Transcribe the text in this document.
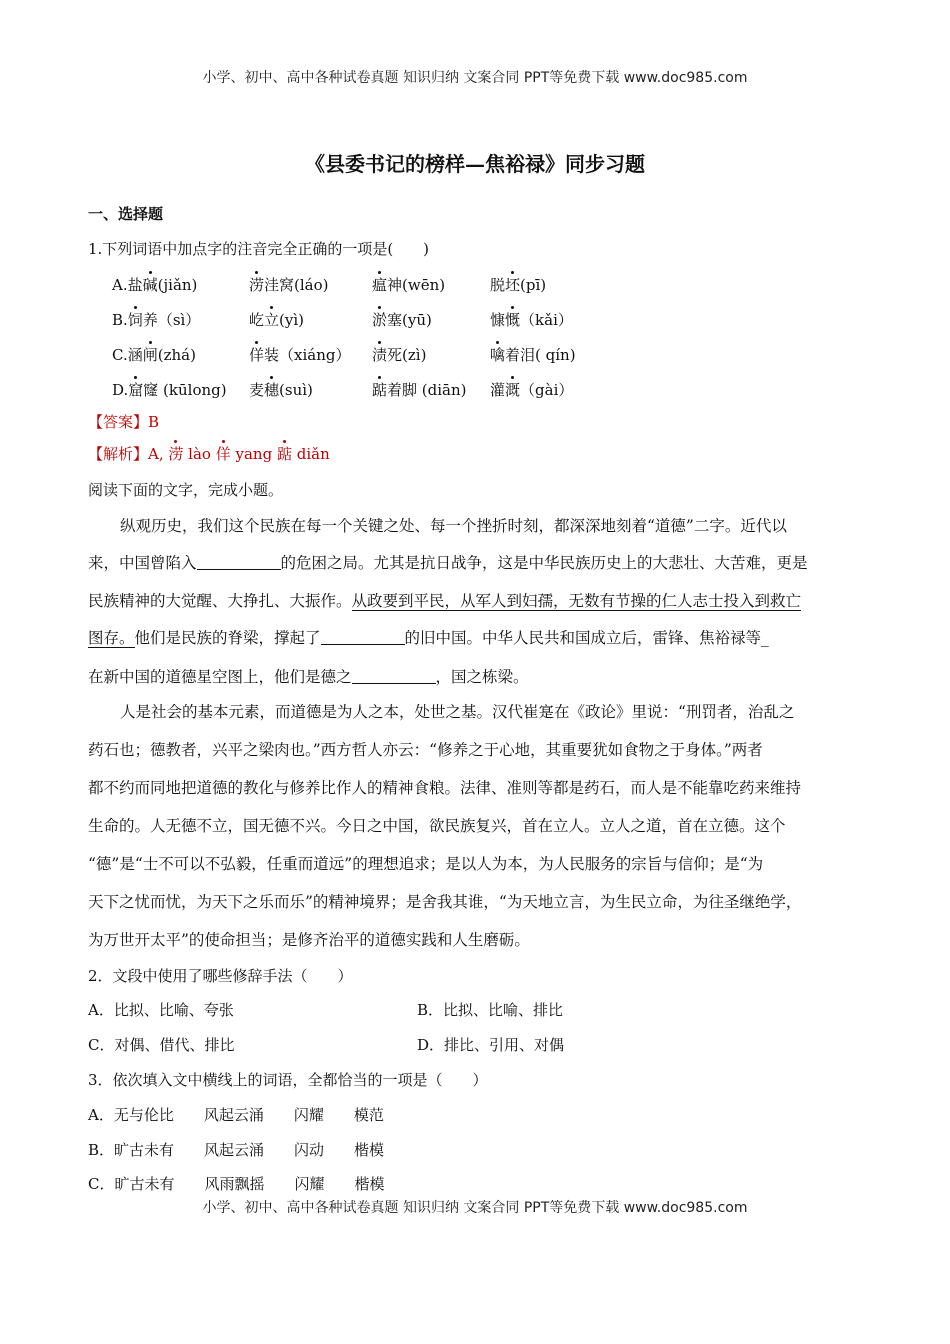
小学、初中、高中各种试卷真题 知识归纳 文案合同 PPT等免费下载 www.doc985.com
《县委书记的榜样—焦裕禄》同步习题
一、选择题
1.下列词语中加点字的注音完全正确的一项是(　　)
A.盐碱(jiǎn)	涝洼窝(láo)	瘟神(wēn)	脱坯(pī)
B.饲养（sì）	屹立(yì)	淤塞(yū)	慷慨（kǎi）
C.涵闸(zhá)	佯装（xiáng） 渍死(zì)	噙着泪( qín)
D.窟窿 (kūlong) 麦穗(suì)	踮着脚 (diān) 灌溉（gài）
【答案】B
【解析】A, 涝 lào 佯 yang 踮 diǎn
阅读下面的文字，完成小题。
纵观历史，我们这个民族在每一个关键之处、每一个挫折时刻，都深深地刻着“道德”二字。近代以
来，中国曾陷入	的危困之局。尤其是抗日战争，这是中华民族历史上的大悲壮、大苦难，更是
民族精神的大觉醒、大挣扎、大振作。从政要到平民，从军人到妇孺，无数有节操的仁人志士投入到救亡
图存。他们是民族的脊梁，撑起了	的旧中国。中华人民共和国成立后，雷锋、焦裕禄等_
在新中国的道德星空图上，他们是德之	，国之栋梁。
人是社会的基本元素，而道德是为人之本，处世之基。汉代崔寔在《政论》里说：“刑罚者，治乱之
药石也；德教者，兴平之梁肉也。”西方哲人亦云：“修养之于心地，其重要犹如食物之于身体。”两者
都不约而同地把道德的教化与修养比作人的精神食粮。法律、准则等都是药石，而人是不能靠吃药来维持
生命的。人无德不立，国无德不兴。今日之中国，欲民族复兴，首在立人。立人之道，首在立德。这个
“德”是“士不可以不弘毅，任重而道远”的理想追求；是以人为本，为人民服务的宗旨与信仰；是“为
天下之忧而忧，为天下之乐而乐”的精神境界；是舍我其谁，“为天地立言，为生民立命，为往圣继绝学，
为万世开太平”的使命担当；是修齐治平的道德实践和人生磨砺。
2．文段中使用了哪些修辞手法（　　）
A．比拟、比喻、夸张	B．比拟、比喻、排比
C．对偶、借代、排比	D．排比、引用、对偶
3．依次填入文中横线上的词语，全都恰当的一项是（　　）
A．无与伦比　　风起云涌　　闪耀　　模范
B．旷古未有　　风起云涌　　闪动　　楷模
C．旷古未有　　风雨飘摇　　闪耀　　楷模
小学、初中、高中各种试卷真题 知识归纳 文案合同 PPT等免费下载 www.doc985.com
